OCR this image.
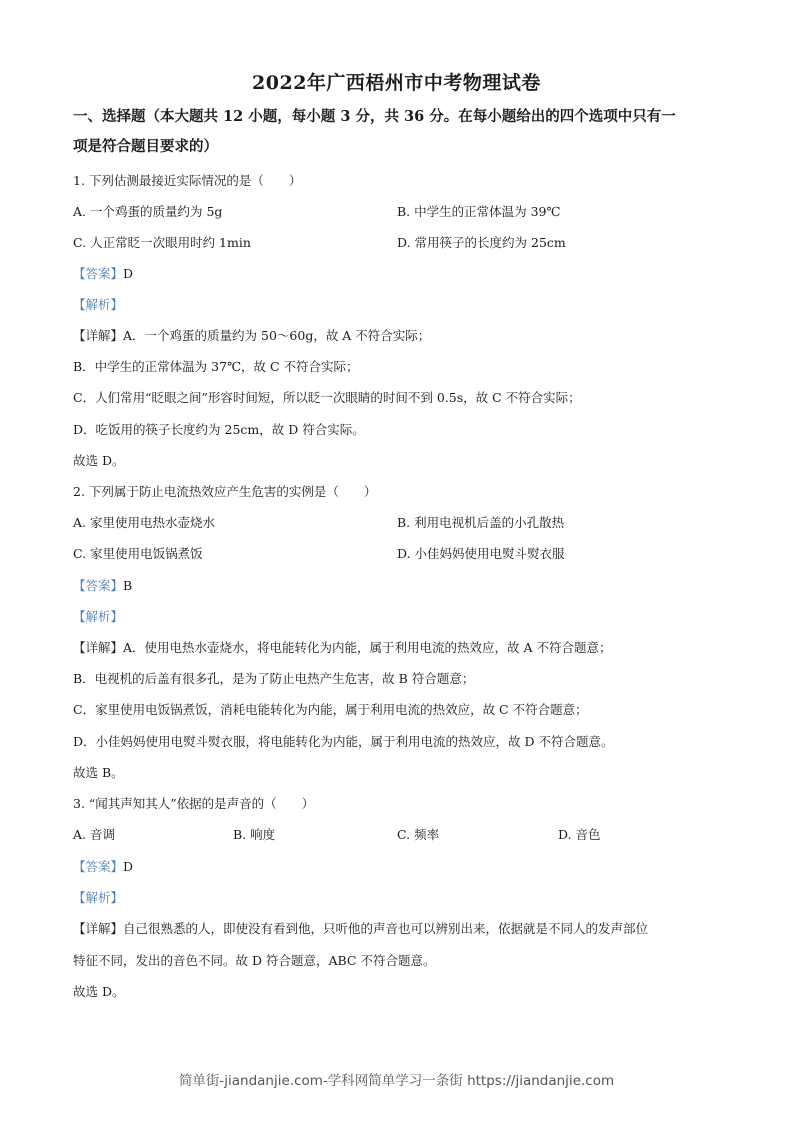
2022年广西梧州市中考物理试卷
一、选择题（本大题共 12 小题，每小题 3 分，共 36 分。在每小题给出的四个选项中只有一
项是符合题目要求的）
1. 下列估测最接近实际情况的是（　　）
A. 一个鸡蛋的质量约为 5g	B. 中学生的正常体温为 39℃
C. 人正常眨一次眼用时约 1min	D. 常用筷子的长度约为 25cm
【答案】D
【解析】
【详解】A．一个鸡蛋的质量约为 50～60g，故 A 不符合实际；
B．中学生的正常体温为 37℃，故 C 不符合实际；
C．人们常用“眨眼之间”形容时间短，所以眨一次眼睛的时间不到 0.5s，故 C 不符合实际；
D．吃饭用的筷子长度约为 25cm，故 D 符合实际。
故选 D。
2. 下列属于防止电流热效应产生危害的实例是（　　）
A. 家里使用电热水壶烧水	B. 利用电视机后盖的小孔散热
C. 家里使用电饭锅煮饭	D. 小佳妈妈使用电熨斗熨衣服
【答案】B
【解析】
【详解】A．使用电热水壶烧水，将电能转化为内能，属于利用电流的热效应，故 A 不符合题意；
B．电视机的后盖有很多孔，是为了防止电热产生危害，故 B 符合题意；
C．家里使用电饭锅煮饭，消耗电能转化为内能，属于利用电流的热效应，故 C 不符合题意；
D．小佳妈妈使用电熨斗熨衣服，将电能转化为内能，属于利用电流的热效应，故 D 不符合题意。
故选 B。
3. “闻其声知其人”依据的是声音的（　　）
A. 音调	B. 响度	C. 频率	D. 音色
【答案】D
【解析】
【详解】自己很熟悉的人，即使没有看到他，只听他的声音也可以辨别出来，依据就是不同人的发声部位
特征不同，发出的音色不同。故 D 符合题意，ABC 不符合题意。
故选 D。
简单街-jiandanjie.com-学科网简单学习一条街 https://jiandanjie.com
